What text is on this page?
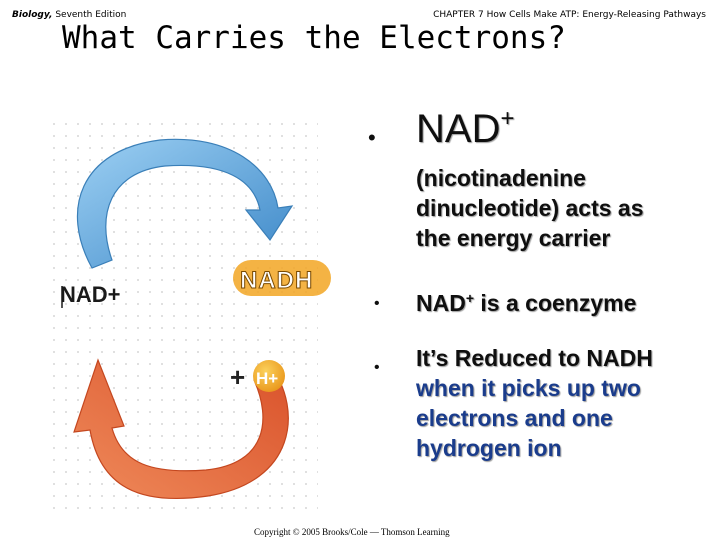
Biology, Seventh Edition	CHAPTER 7 How Cells Make ATP: Energy-Releasing Pathways
What Carries the Electrons?
NAD+
NADH
+ H+
• NAD+
(nicotinadenine dinucleotide) acts as the energy carrier
• NAD+ is a coenzyme
• It’s Reduced to NADH when it picks up two electrons and one hydrogen ion
Copyright © 2005 Brooks/Cole — Thomson Learning
